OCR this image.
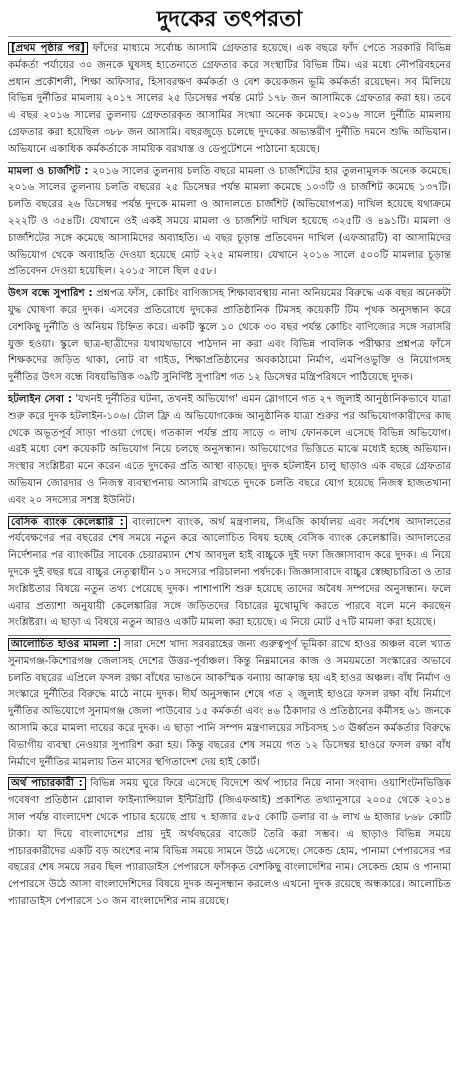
দুদকের তৎপরতা

[প্রথম পৃষ্ঠার পর] ফাঁদের মাধ্যমে সর্বোচ্চ আসামি গ্রেফতার হয়েছে। এক বছরে ফাঁদ পেতে সরকারি বিভিন্ন কর্মকর্তা পর্যায়ের ৩০ জনকে ঘুষসহ হাতেনাতে গ্রেফতার করে সংস্থাটির বিভিন্ন টিম। এর মধ্যে নৌপরিবহনের প্রধান প্রকৌশলী, শিক্ষা অফিসার, হিসাবরক্ষণ কর্মকর্তা ও বেশ কয়েকজন ভূমি কর্মকর্তা রয়েছেন। সব মিলিয়ে বিভিন্ন দুর্নীতির মামলায় ২০১৭ সালের ২৫ ডিসেম্বর পর্যন্ত মোট ১৭৮ জন আসামিকে গ্রেফতার করা হয়। তবে এ বছর ২০১৬ সালের তুলনায় গ্রেফতারকৃত আসামির সংখ্যা অনেক কমেছে। ২০১৬ সালে দুর্নীতি মামলায় গ্রেফতার করা হয়েছিল ৩৮৮ জন আসামি। বছরজুড়ে চলেছে দুদকের অভ্যন্তরীণ দুর্নীতি দমনে শুদ্ধি অভিযান। অভিযানে একাধিক কর্মকর্তাকে সাময়িক বরখাস্ত ও ডেপুটেশনে পাঠানো হয়েছে।

মামলা ও চার্জশিট : ২০১৬ সালের তুলনায় চলতি বছরে মামলা ও চার্জশিটের হার তুলনামূলক অনেক কমেছে। ২০১৬ সালের তুলনায় চলতি বছরের ২৫ ডিসেম্বর পর্যন্ত মামলা কমেছে ১০৩টি ও চার্জশিট কমেছে ১৩৭টি। চলতি বছরের ২৬ ডিসেম্বর পর্যন্ত দুদকে মামলা ও আদালতে চার্জশিট (অভিযোগপত্র) দাখিল হয়েছে যথাক্রমে ২২২টি ও ৩৫৪টি। যেখানে ওই একই সময়ে মামলা ও চার্জশিট দাখিল হয়েছে ৩২৫টি ও ৪৯১টি। মামলা ও চার্জশিটের সঙ্গে কমেছে আসামিদের অব্যাহতি। এ বছর চূড়ান্ত প্রতিবেদন দাখিল (এফআরটি) বা আসামিদের অভিযোগ থেকে অব্যাহতি দেওয়া হয়েছে মোট ২২৫ মামলায়। যেখানে ২০১৬ সালে ৫০০টি মামলার চূড়ান্ত প্রতিবেদন দেওয়া হয়েছিল। ২০১৫ সালে ছিল ৫৫৮।

উৎস বন্ধে সুপারিশ : প্রশ্নপত্র ফাঁস, কোচিং বাণিজ্যসহ শিক্ষাব্যবস্থায় নানা অনিয়মের বিরুদ্ধে এক বছর অনেকটা যুদ্ধ ঘোষণা করে দুদক। এসবের প্রতিরোধে দুদকের প্রাতিষ্ঠানিক টিমসহ কয়েকটি টিম পৃথক অনুসন্ধান করে বেশকিছু দুর্নীতি ও অনিয়ম চিহ্নিত করে। একটি স্কুলে ১০ থেকে ৩০ বছর পর্যন্ত কোচিং বাণিজ্যের সঙ্গে সরাসরি যুক্ত হওয়া। স্কুলে ছাত্র-ছাত্রীদের যথাযথভাবে পাঠদান না করা এবং বিভিন্ন পাবলিক পরীক্ষার প্রশ্নপত্র ফাঁসে শিক্ষকদের জড়িত থাকা, নোট বা গাইড, শিক্ষাপ্রতিষ্ঠানের অবকাঠামো নির্মাণ, এমপিওভুক্তি ও নিয়োগসহ দুর্নীতির উৎস বন্ধে বিষয়ভিত্তিক ৩৯টি সুনির্দিষ্ট সুপারিশ গত ১২ ডিসেম্বর মন্ত্রিপরিষদে পাঠিয়েছে দুদক।

হটলাইন সেবা : 'যখনই দুর্নীতির ঘটনা, তখনই অভিযোগ' এমন স্লোগানে গত ২৭ জুলাই আনুষ্ঠানিকভাবে যাত্রা শুরু করে দুদক হটলাইন-১০৬। টোল ফ্রি এ অভিযোগকেন্দ্র আনুষ্ঠানিক যাত্রা শুরুর পর অভিযোগকারীদের কাছ থেকে অভূতপূর্ব সাড়া পাওয়া গেছে। গতকাল পর্যন্ত প্রায় সাড়ে ৩ লাখ ফোনকলে এসেছে বিভিন্ন অভিযোগ। এরই মধ্যে বেশ কয়েকটি অভিযোগ নিয়ে চলছে অনুসন্ধান। অভিযোগের ভিত্তিতে মাঝে মধ্যেই হচ্ছে অভিযান। সংস্থার সংশ্লিষ্টরা মনে করেন এতে দুদকের প্রতি আস্থা বাড়ছে। দুদক হটলাইন চালু ছাড়াও এক বছরে গ্রেফতার অভিযান জোরদার ও নিজস্ব ব্যবস্থাপনায় আসামি রাখতে দুদকে চলতি বছরে যোগ হয়েছে নিজস্ব হাজতখানা এবং ২০ সদস্যের সশস্ত্র ইউনিট।

বেসিক ব্যাংক কেলেঙ্কারি : বাংলাদেশ ব্যাংক, অর্থ মন্ত্রণালয়, সিএজি কার্যালয় এবং সর্বশেষ আদালতের পর্যবেক্ষণের পর বছরের শেষ সময়ে নতুন করে আলোচিত বিষয় হচ্ছে বেসিক ব্যাংক কেলেঙ্কারি। আদালতের নির্দেশনার পর ব্যাংকটির সাবেক চেয়ারম্যান শেখ আবদুল হাই বাচ্চুকে দুই দফা জিজ্ঞাসাবাদ করে দুদক। এ নিয়ে দুদকে দুই বছর ধরে বাচ্চুর নেতৃত্বাধীন ১০ সদস্যের পরিচালনা পর্ষদকে। জিজ্ঞাসাবাদে বাচ্চুর স্বেচ্ছাচারিতা ও তার সংশ্লিষ্টতার বিষয়ে নতুন তথ্য পেয়েছে দুদক। পাশাপাশি শুরু হয়েছে তাদের অবৈধ সম্পদের অনুসন্ধান। ফলে এবার প্রত্যাশা অনুযায়ী কেলেঙ্কারির সঙ্গে জড়িতদের বিচারের মুখোমুখি করতে পারবে বলে মনে করছেন সংশ্লিষ্টরা। এ ছাড়া এ বিষয়ে নতুন আরও একটি মামলা করা হয়েছে। এ নিয়ে মোট ৫৭টি মামলা করা হয়েছে।

আলোচিত হাওর মামলা : সারা দেশে খাদ্য সরবরাহের জন্য গুরুত্বপূর্ণ ভূমিকা রাখে হাওর অঞ্চল বলে খ্যাত সুনামগঞ্জ-কিশোরগঞ্জ জেলাসহ দেশের উত্তর-পূর্বাঞ্চল। কিন্তু নিম্নমানের কাজ ও সময়মতো সংস্কারের অভাবে চলতি বছরের এপ্রিলে ফসল রক্ষা বাঁধের ভাঙনে আকস্মিক বন্যায় আক্রান্ত হয় এই হাওর অঞ্চল। বাঁধ নির্মাণ ও সংস্কারে দুর্নীতির বিরুদ্ধে মাঠে নামে দুদক। দীর্ঘ অনুসন্ধান শেষে গত ২ জুলাই হাওরে ফসল রক্ষা বাঁধ নির্মাণে দুর্নীতির অভিযোগে সুনামগঞ্জ জেলা পাউবোর ১৫ কর্মকর্তা এবং ৪৬ ঠিকাদার ও প্রতিষ্ঠানের কর্মীসহ ৬১ জনকে আসামি করে মামলা দায়ের করে দুদক। এ ছাড়া পানি সম্পদ মন্ত্রণালয়ের সচিবসহ ১৩ ঊর্ধ্বতন কর্মকর্তার বিরুদ্ধে বিভাগীয় ব্যবস্থা নেওয়ার সুপারিশ করা হয়। কিন্তু বছরের শেষ সময়ে গত ১২ ডিসেম্বর হাওরে ফসল রক্ষা বাঁধ নির্মাণে দুর্নীতির মামলায় তিন মাসের স্থগিতাদেশ দেয় হাই কোর্ট।

অর্থ পাচারকারী : বিভিন্ন সময় ঘুরে ফিরে এসেছে বিদেশে অর্থ পাচার নিয়ে নানা সংবাদ। ওয়াশিংটনভিত্তিক গবেষণা প্রতিষ্ঠান গ্লোবাল ফাইন্যান্সিয়াল ইন্টিগ্রিটি (জিএফআই) প্রকাশিত তথ্যানুসারে ২০০৫ থেকে ২০১৪ সাল পর্যন্ত বাংলাদেশ থেকে পাচার হয়েছে প্রায় ৭ হাজার ৫৮৫ কোটি ডলার বা ৬ লাখ ৬ হাজার ৮৬৮ কোটি টাকা। যা দিয়ে বাংলাদেশের প্রায় দুই অর্থবছরের বাজেট তৈরি করা সম্ভব। এ ছাড়াও বিভিন্ন সময়ে পাচারকারীদের একটি বড় অংশের নাম বিভিন্ন সময়ে সামনে উঠে এসেছে। সেকেন্ড হোম, পানামা পেপারসের পর বছরের শেষ সময়ে সরব ছিল প্যারাডাইস পেপারসে ফাঁসকৃত বেশকিছু বাংলাদেশির নাম। সেকেন্ড হোম ও পানামা পেপারসে উঠে আসা বাংলাদেশিদের বিষয়ে দুদক অনুসন্ধান করলেও এখনো দুদক রয়েছে অন্ধকারে। আলোচিত প্যারাডাইস পেপারসে ১০ জন বাংলাদেশির নাম রয়েছে।
